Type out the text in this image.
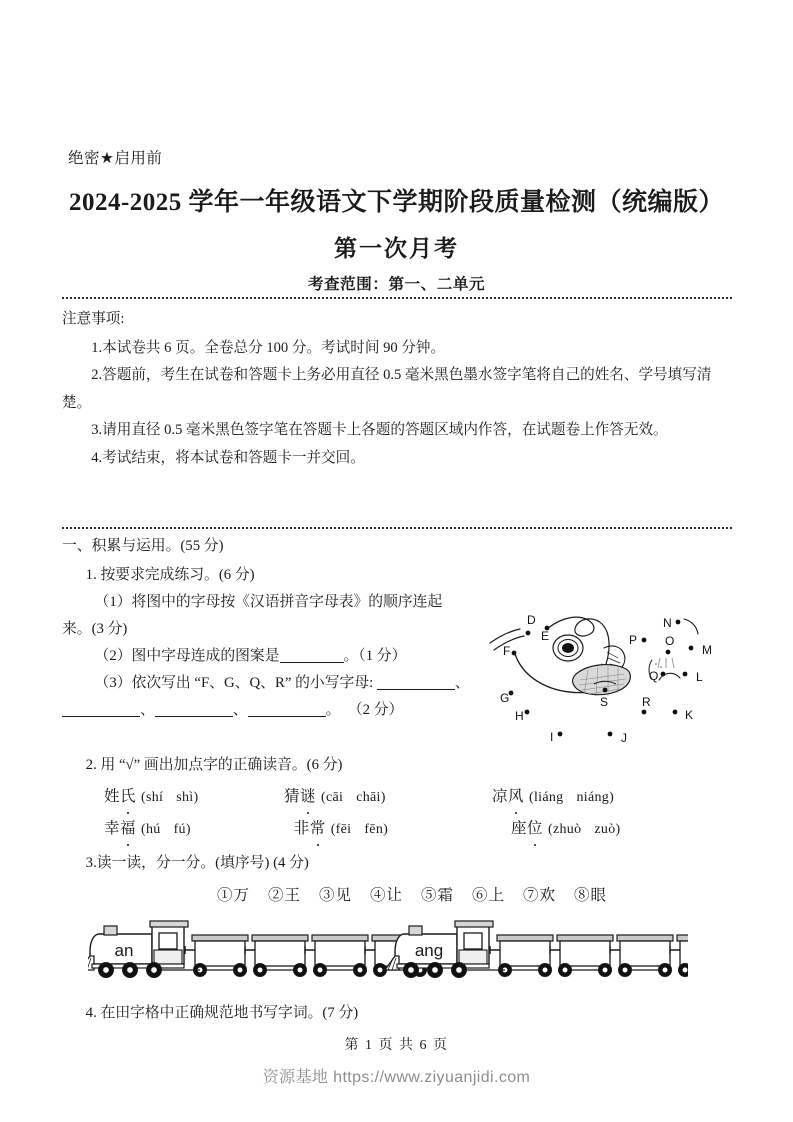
绝密★启用前
2024-2025 学年一年级语文下学期阶段质量检测（统编版）
第一次月考
考查范围：第一、二单元

注意事项:

1.本试卷共 6 页。全卷总分 100 分。考试时间 90 分钟。

2.答题前，考生在试卷和答题卡上务必用直径 0.5 毫米黑色墨水签字笔将自己的姓名、学号填写清楚。

3.请用直径 0.5 毫米黑色签字笔在答题卡上各题的答题区域内作答，在试题卷上作答无效。

4.考试结束，将本试卷和答题卡一并交回。

一、积累与运用。(55 分)

1. 按要求完成练习。(6 分)

（1）将图中的字母按《汉语拼音字母表》的顺序连起

来。(3 分)

（2）图中字母连成的图案是	。（1 分）

（3）依次写出 “F、G、Q、R” 的小写字母:	、

、	、	。 （2 分）

D
E
F
G
H
I	J
K
L
M
N
O
P
Q
R
S

2. 用 “√” 画出加点字的正确读音。(6 分)

姓氏 (shí shì)	猜谜 (cāi chāi)	凉风 (liáng niáng)
幸福 (hú fú)	非常 (fēi fēn)	座位 (zhuò zuò)

3.读一读，分一分。(填序号) (4 分)

①万 ②王 ③见 ④让 ⑤霜 ⑥上 ⑦欢 ⑧眼
an	ang

4. 在田字格中正确规范地书写字词。(7 分)

第 1 页 共 6 页
资源基地 https://www.ziyuanjidi.com
